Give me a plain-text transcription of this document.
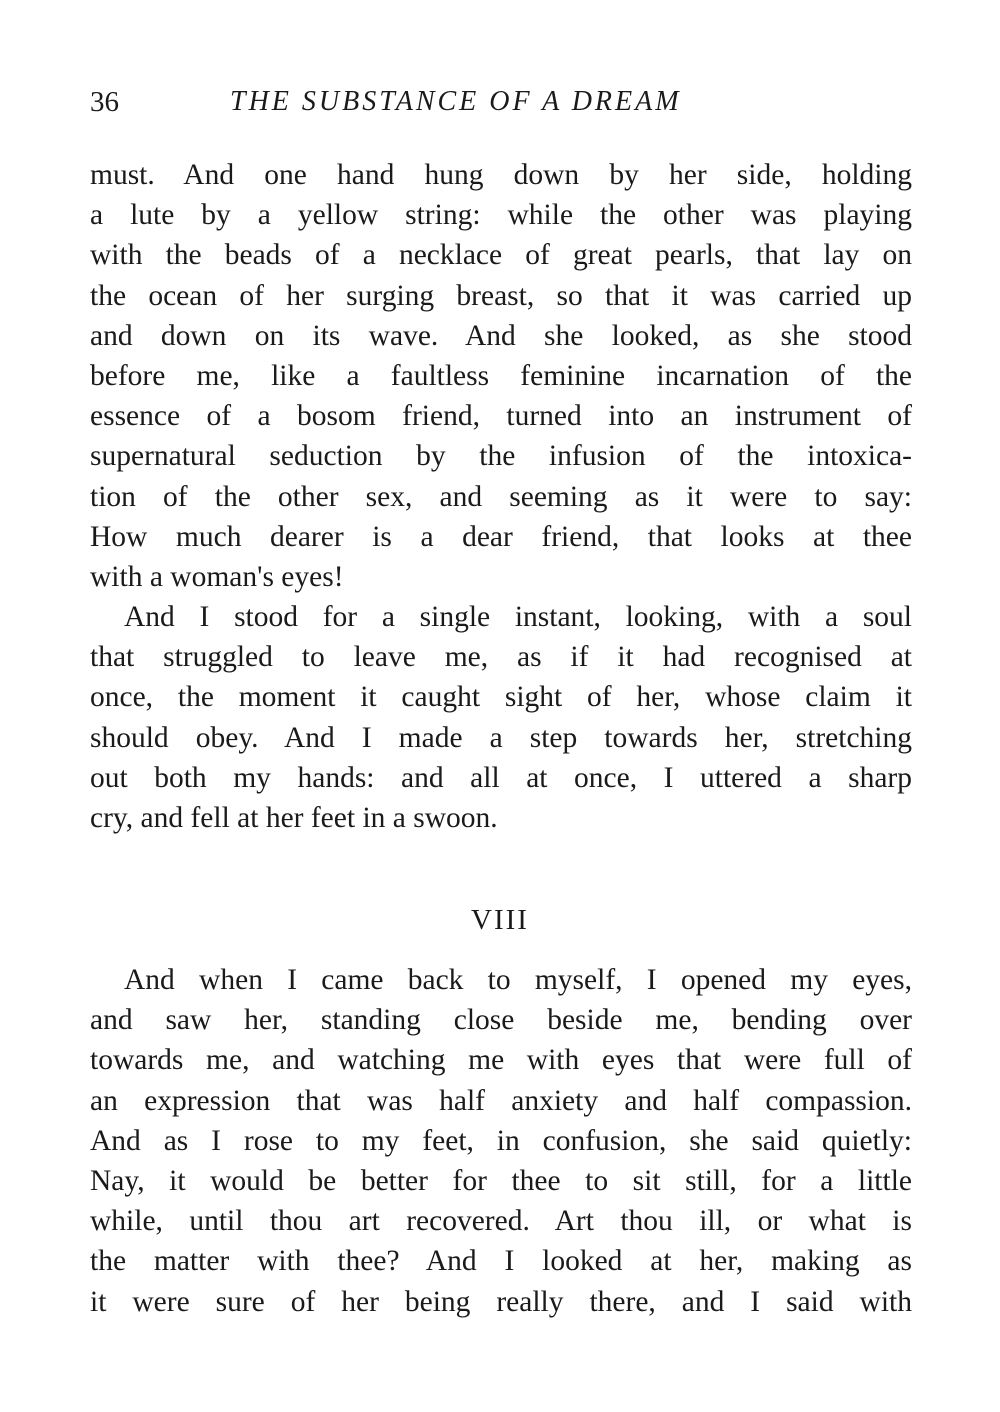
36	THE SUBSTANCE OF A DREAM
must. And one hand hung down by her side, holding
a lute by a yellow string: while the other was playing
with the beads of a necklace of great pearls, that lay on
the ocean of her surging breast, so that it was carried up
and down on its wave. And she looked, as she stood
before me, like a faultless feminine incarnation of the
essence of a bosom friend, turned into an instrument of
supernatural seduction by the infusion of the intoxica-
tion of the other sex, and seeming as it were to say:
How much dearer is a dear friend, that looks at thee
with a woman's eyes!
And I stood for a single instant, looking, with a soul
that struggled to leave me, as if it had recognised at
once, the moment it caught sight of her, whose claim it
should obey. And I made a step towards her, stretching
out both my hands: and all at once, I uttered a sharp
cry, and fell at her feet in a swoon.
VIII
And when I came back to myself, I opened my eyes,
and saw her, standing close beside me, bending over
towards me, and watching me with eyes that were full of
an expression that was half anxiety and half compassion.
And as I rose to my feet, in confusion, she said quietly:
Nay, it would be better for thee to sit still, for a little
while, until thou art recovered. Art thou ill, or what is
the matter with thee? And I looked at her, making as
it were sure of her being really there, and I said with
